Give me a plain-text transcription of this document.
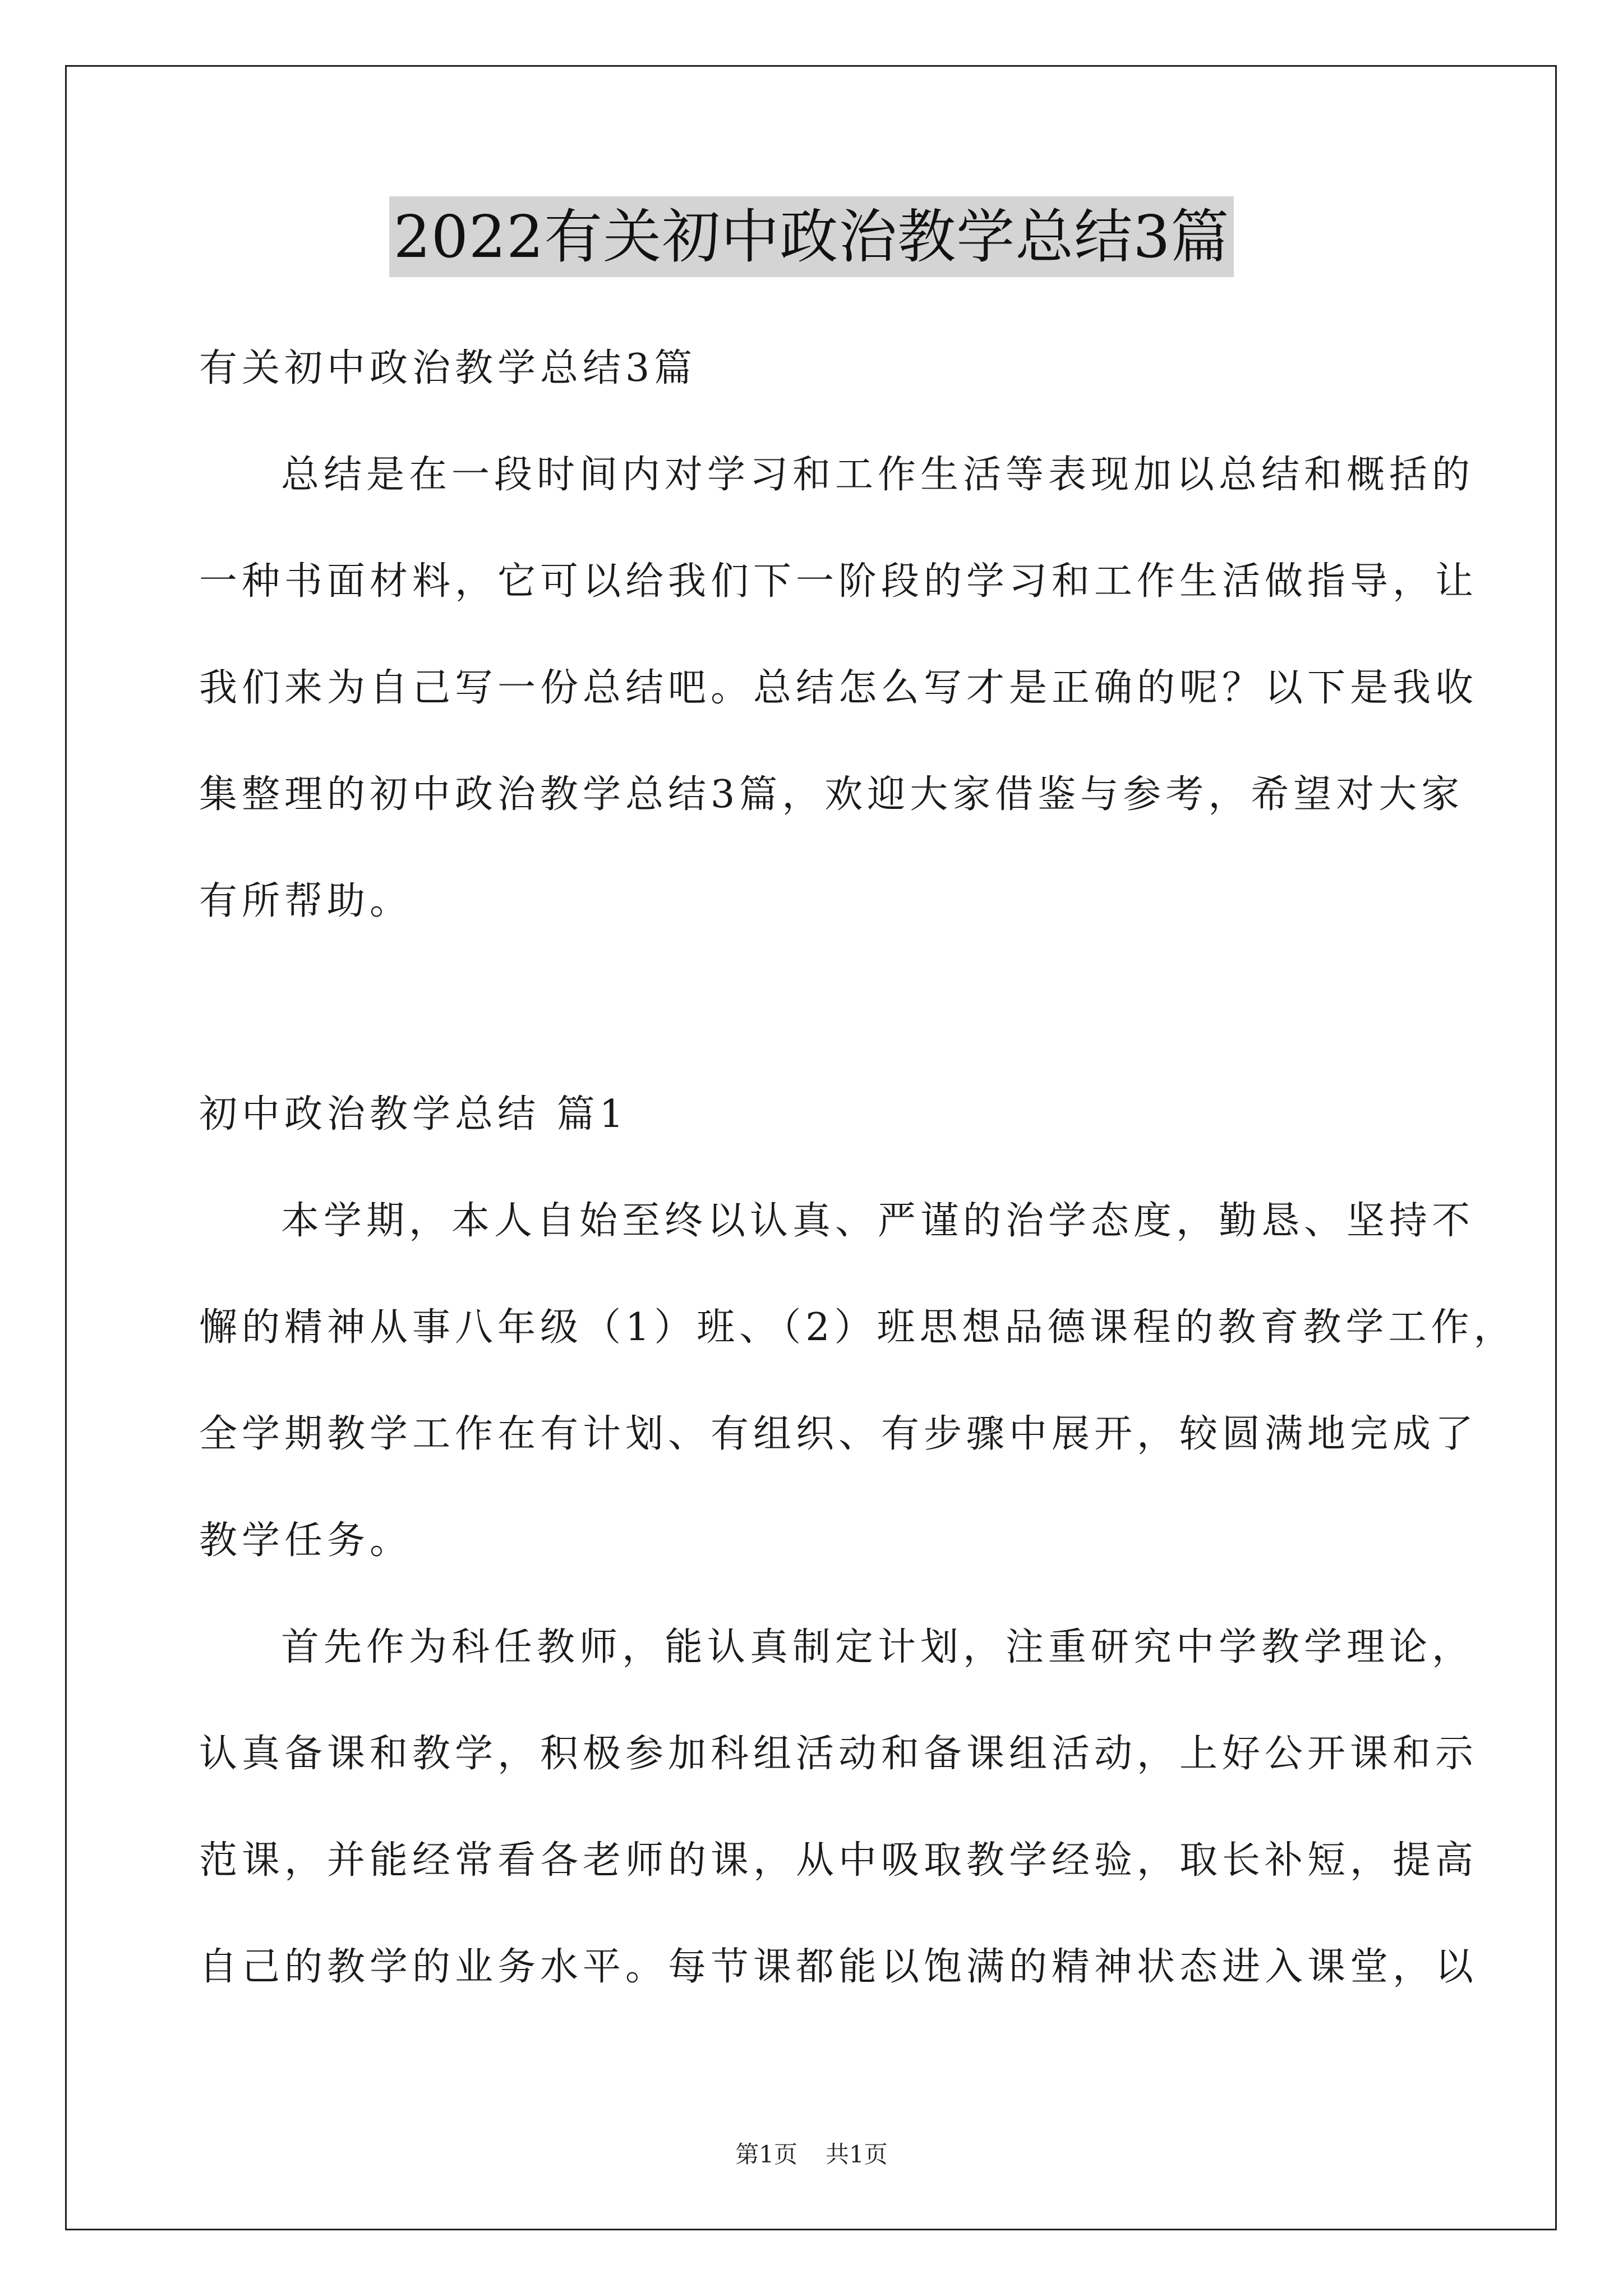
2022有关初中政治教学总结3篇
有关初中政治教学总结3篇
总结是在一段时间内对学习和工作生活等表现加以总结和概括的
一种书面材料，它可以给我们下一阶段的学习和工作生活做指导，让
我们来为自己写一份总结吧。总结怎么写才是正确的呢？以下是我收
集整理的初中政治教学总结3篇，欢迎大家借鉴与参考，希望对大家
有所帮助。
初中政治教学总结 篇1
本学期，本人自始至终以认真、严谨的治学态度，勤恳、坚持不
懈的精神从事八年级（1）班、（2）班思想品德课程的教育教学工作，
全学期教学工作在有计划、有组织、有步骤中展开，较圆满地完成了
教学任务。
首先作为科任教师，能认真制定计划，注重研究中学教学理论，
认真备课和教学，积极参加科组活动和备课组活动，上好公开课和示
范课，并能经常看各老师的课，从中吸取教学经验，取长补短，提高
自己的教学的业务水平。每节课都能以饱满的精神状态进入课堂，以
第1页 共1页
